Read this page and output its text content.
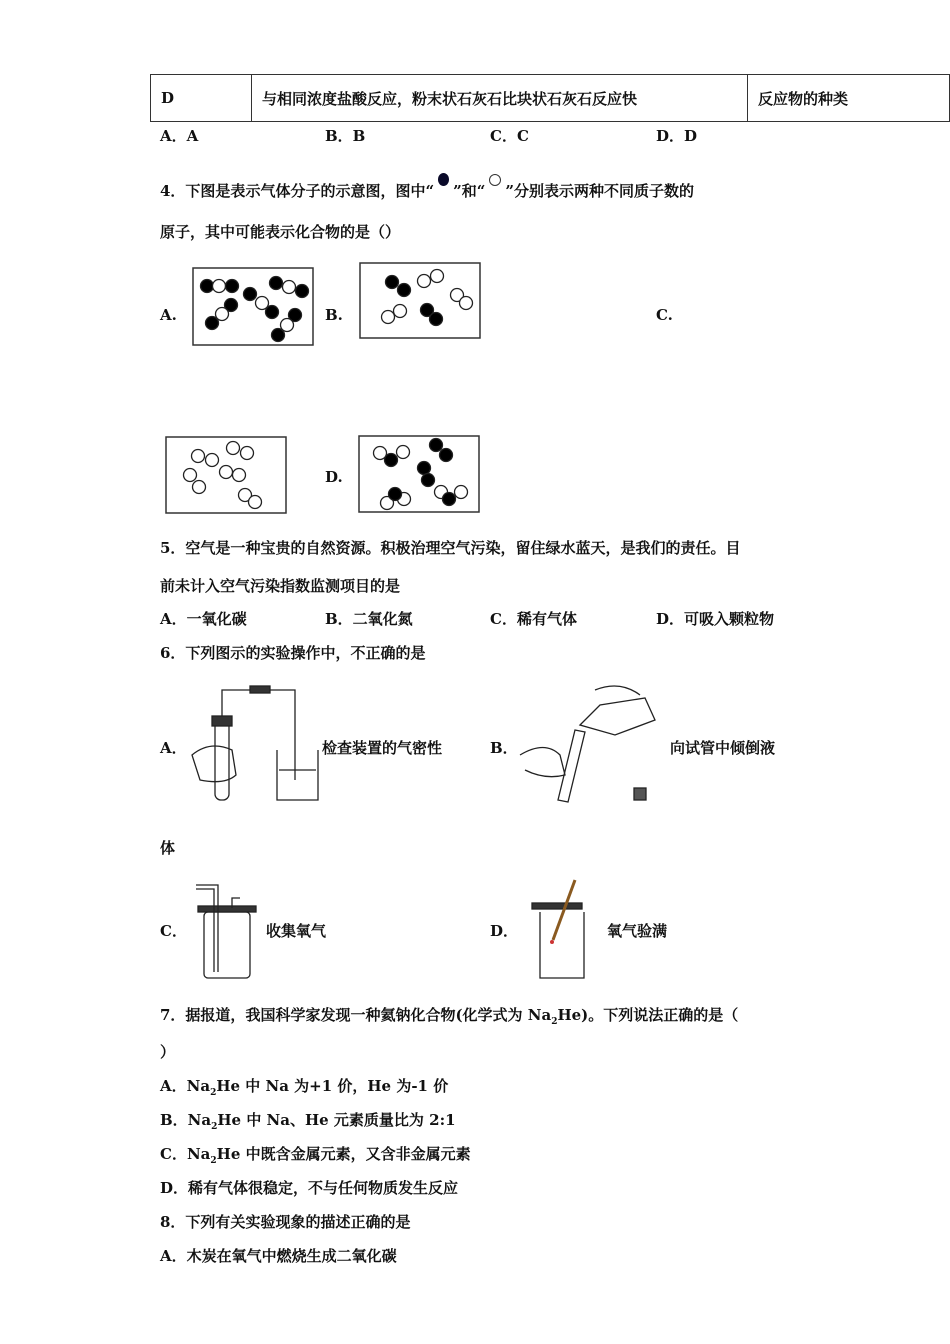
D	与相同浓度盐酸反应，粉末状石灰石比块状石灰石反应快	反应物的种类
A．A	B．B	C．C	D．D
4．下图是表示气体分子的示意图，图中“ ”和“ ”分别表示两种不同质子数的
原子，其中可能表示化合物的是（）
A.	B.	C.
D.
5．空气是一种宝贵的自然资源。积极治理空气污染，留住绿水蓝天，是我们的责任。目
前未计入空气污染指数监测项目的是
A．一氧化碳	B．二氧化氮	C．稀有气体	D．可吸入颗粒物
6．下列图示的实验操作中，不正确的是
A．	检查装置的气密性	B．	向试管中倾倒液
体
C．	收集氧气	D．	氧气验满
7．据报道，我国科学家发现一种氦钠化合物(化学式为 $Na_2He$)。下列说法正确的是（
）
A．$Na_2He$ 中 Na 为+1 价，He 为-1 价
B．$Na_2He$ 中 Na、He 元素质量比为 2:1
C．$Na_2He$ 中既含金属元素，又含非金属元素
D．稀有气体很稳定，不与任何物质发生反应
8．下列有关实验现象的描述正确的是
A．木炭在氧气中燃烧生成二氧化碳
